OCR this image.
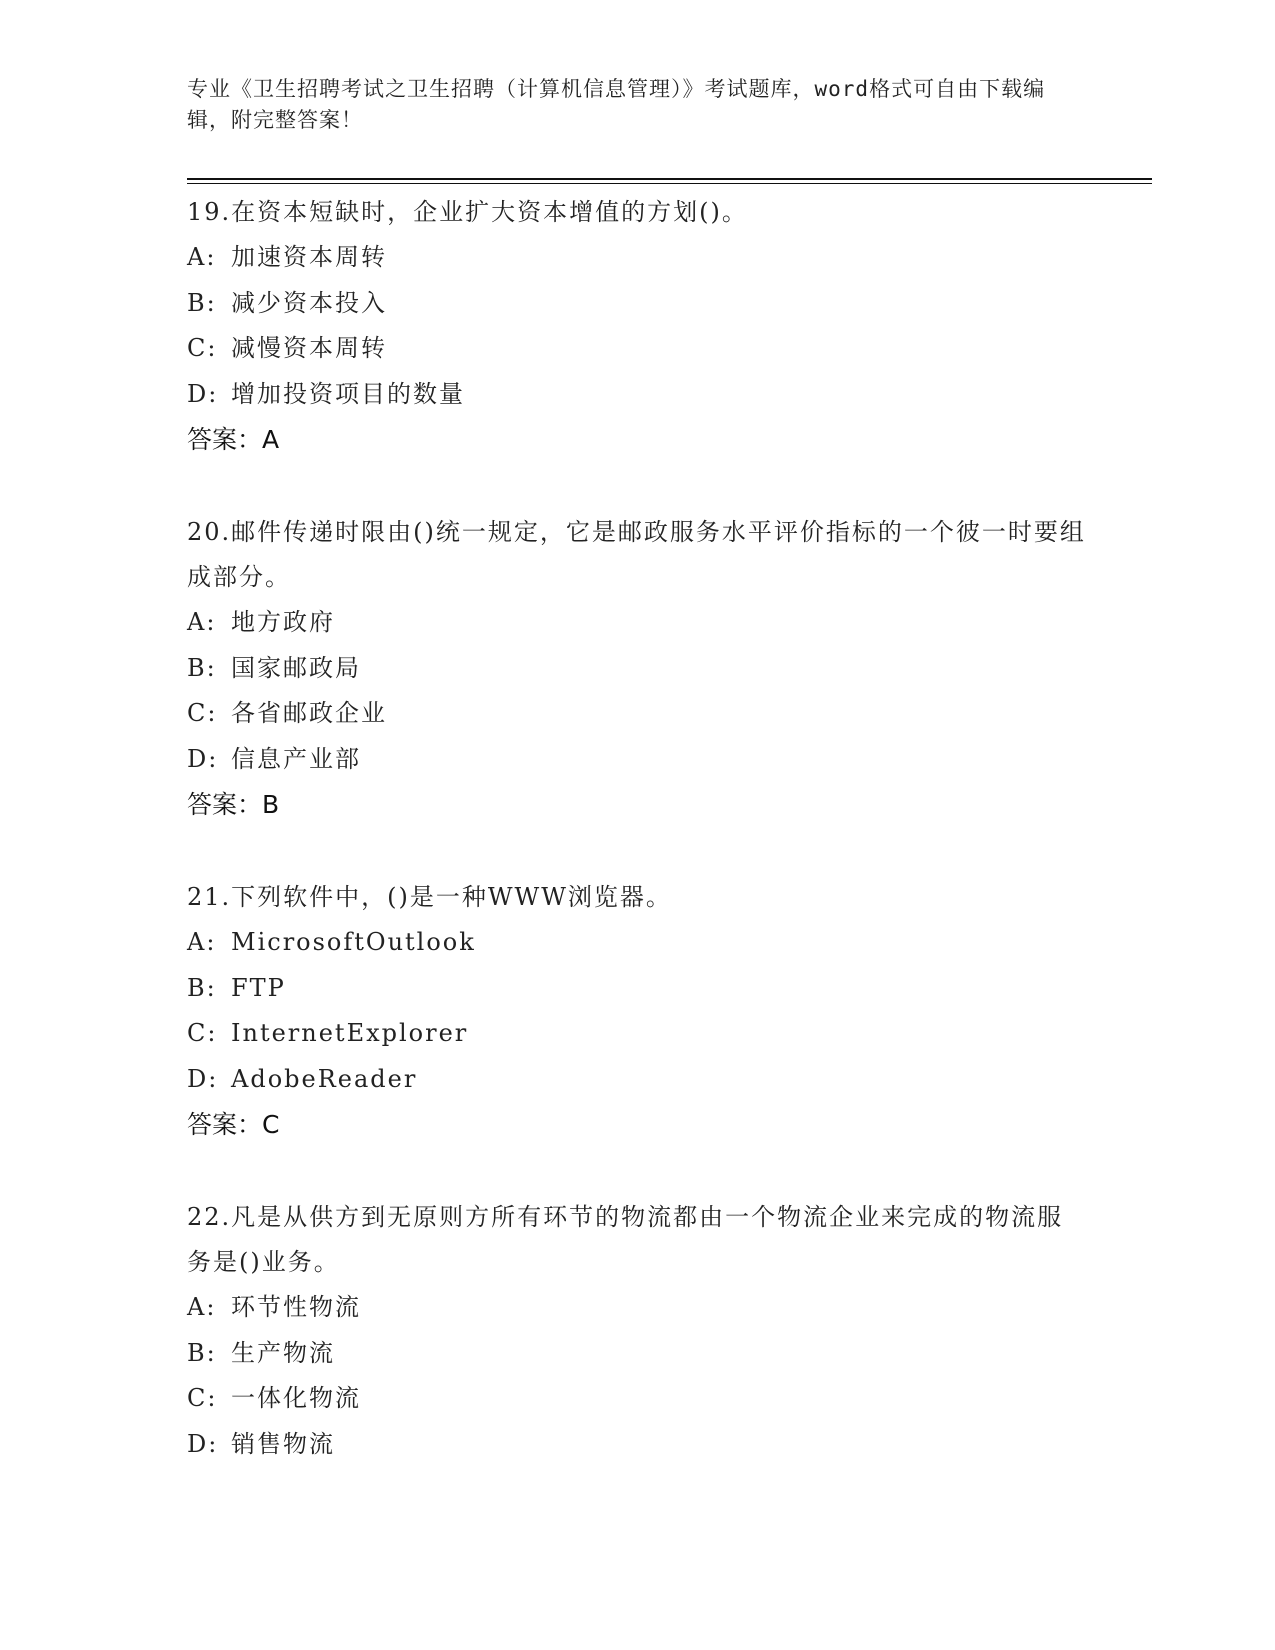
专业《卫生招聘考试之卫生招聘（计算机信息管理）》考试题库，word格式可自由下载编辑，附完整答案！

19.在资本短缺时，企业扩大资本增值的方划()。

A: 加速资本周转

B: 减少资本投入

C: 减慢资本周转

D: 增加投资项目的数量

答案：A

20.邮件传递时限由()统一规定，它是邮政服务水平评价指标的一个彼一时要组成部分。

A: 地方政府

B: 国家邮政局

C: 各省邮政企业

D: 信息产业部

答案：B

21.下列软件中，()是一种WWW浏览器。

A: MicrosoftOutlook

B: FTP

C: InternetExplorer

D: AdobeReader

答案：C

22.凡是从供方到无原则方所有环节的物流都由一个物流企业来完成的物流服务是()业务。

A: 环节性物流

B: 生产物流

C: 一体化物流

D: 销售物流
